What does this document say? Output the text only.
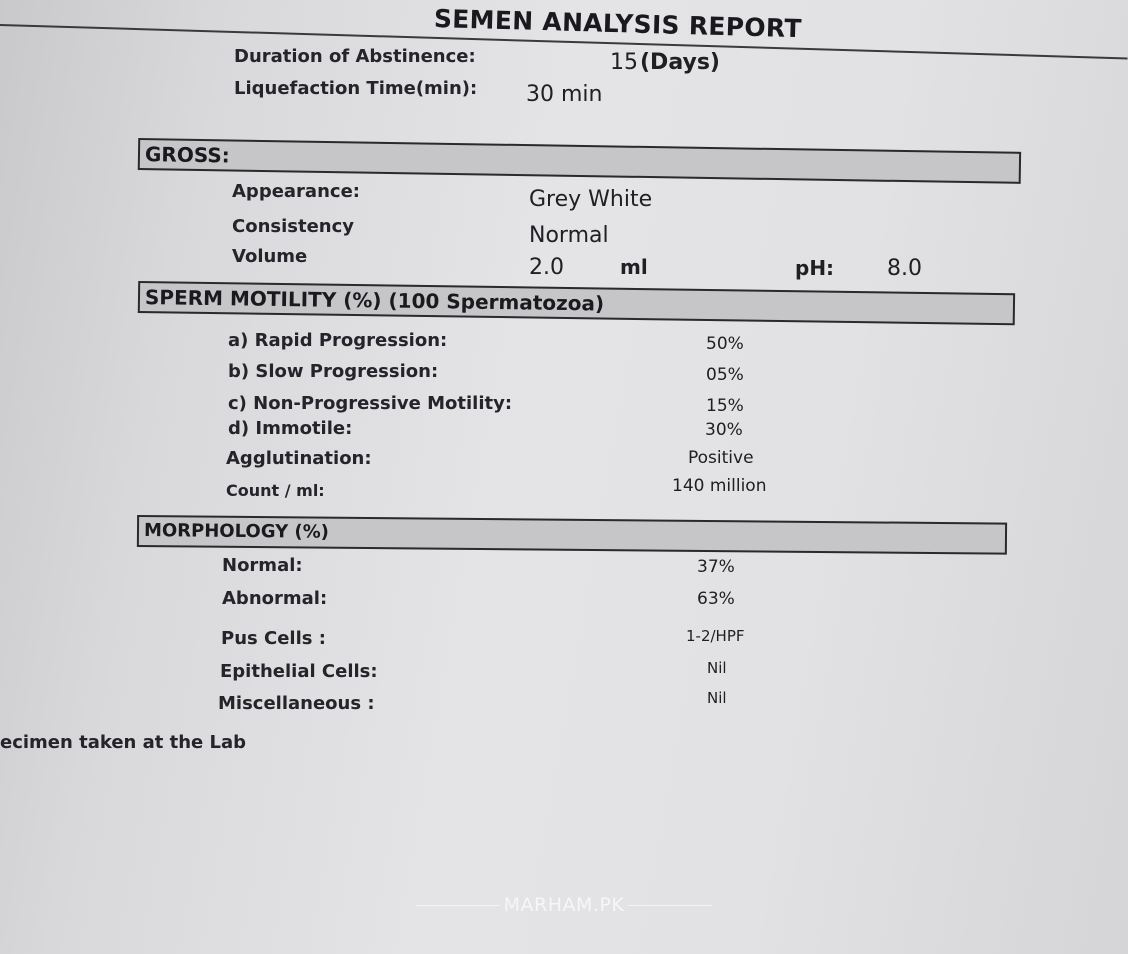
SEMEN ANALYSIS REPORT
Duration of Abstinence:	15 (Days)
Liquefaction Time(min): 30 min
GROSS:
Appearance:	Grey White
Consistency	Normal
Volume	2.0	ml	pH: 8.0
SPERM MOTILITY (%) (100 Spermatozoa)
a) Rapid Progression:	50%
b) Slow Progression:	05%
c) Non-Progressive Motility:	15%
d) Immotile:	30%
Agglutination:	Positive
Count / ml:	140 million
MORPHOLOGY (%)
Normal:	37%
Abnormal:	63%
Pus Cells :	1-2/HPF
Epithelial Cells:	Nil
Miscellaneous :	Nil
ecimen taken at the Lab
MARHAM.PK
